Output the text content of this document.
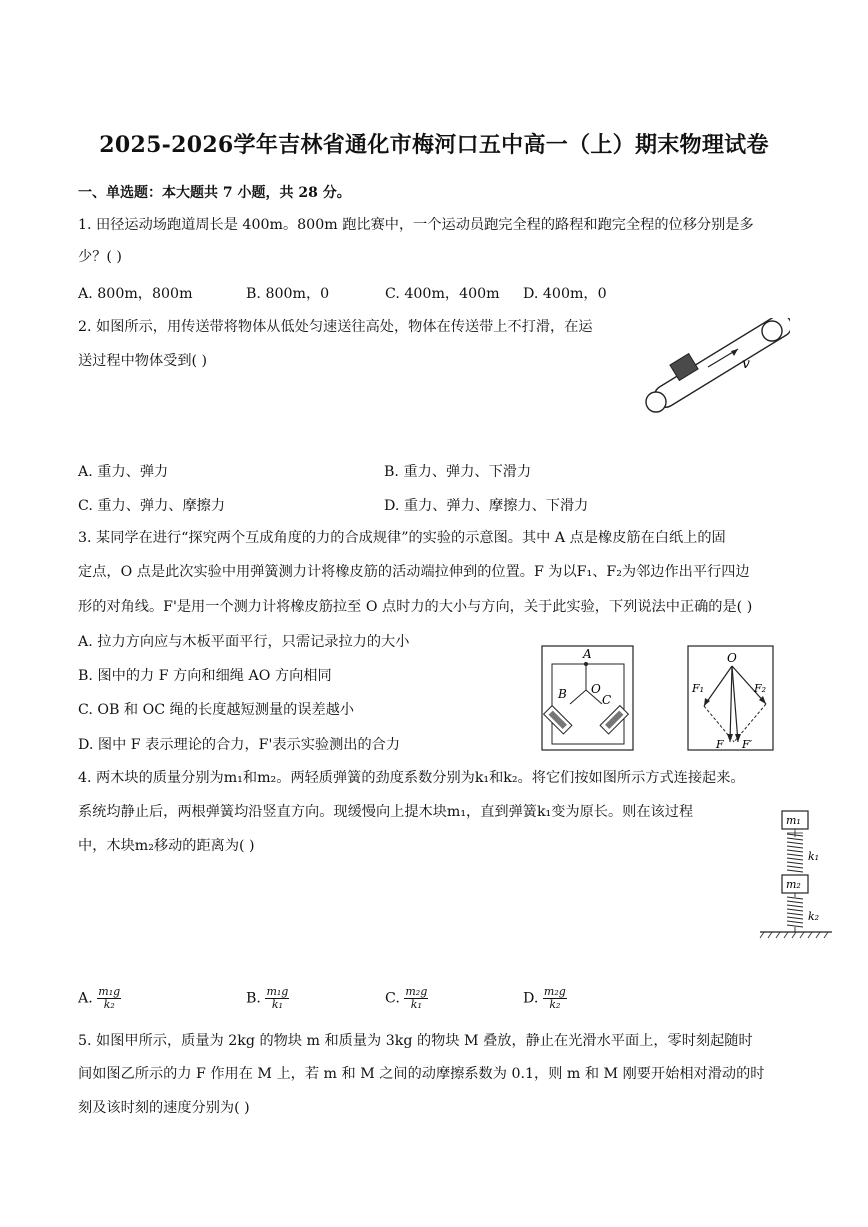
2025-2026学年吉林省通化市梅河口五中高一（上）期末物理试卷
一、单选题：本大题共 7 小题，共 28 分。
1. 田径运动场跑道周长是 400m。800m 跑比赛中，一个运动员跑完全程的路程和跑完全程的位移分别是多
少？( )
A. 800m，800m	B. 800m，0	C. 400m，400m D. 400m，0
2. 如图所示，用传送带将物体从低处匀速送往高处，物体在传送带上不打滑，在运
送过程中物体受到( )	v
A. 重力、弹力	B. 重力、弹力、下滑力
C. 重力、弹力、摩擦力	D. 重力、弹力、摩擦力、下滑力
3. 某同学在进行“探究两个互成角度的力的合成规律”的实验的示意图。其中 A 点是橡皮筋在白纸上的固
定点，O 点是此次实验中用弹簧测力计将橡皮筋的活动端拉伸到的位置。F 为以F₁、F₂为邻边作出平行四边
形的对角线。F'是用一个测力计将橡皮筋拉至 O 点时力的大小与方向，关于此实验，下列说法中正确的是( )
A. 拉力方向应与木板平面平行，只需记录拉力的大小
B. 图中的力 F 方向和细绳 AO 方向相同
C. OB 和 OC 绳的长度越短测量的误差越小
D. 图中 F 表示理论的合力，F'表示实验测出的合力
A
B O
C
O
F₁	F₂
F F′
4. 两木块的质量分别为m₁和m₂。两轻质弹簧的劲度系数分别为k₁和k₂。将它们按如图所示方式连接起来。
系统均静止后，两根弹簧均沿竖直方向。现缓慢向上提木块m₁，直到弹簧k₁变为原长。则在该过程
中，木块m₂移动的距离为( )
m₁
k₁
m₂
k₂
A. $\frac{\text{m₁g}}{\text{k₂}}$	B. $\frac{\text{m₁g}}{\text{k₁}}$	C. $\frac{\text{m₂g}}{\text{k₁}}$	D. $\frac{\text{m₂g}}{\text{k₂}}$
5. 如图甲所示，质量为 2kg 的物块 m 和质量为 3kg 的物块 M 叠放，静止在光滑水平面上，零时刻起随时
间如图乙所示的力 F 作用在 M 上，若 m 和 M 之间的动摩擦系数为 0.1，则 m 和 M 刚要开始相对滑动的时
刻及该时刻的速度分别为( )
